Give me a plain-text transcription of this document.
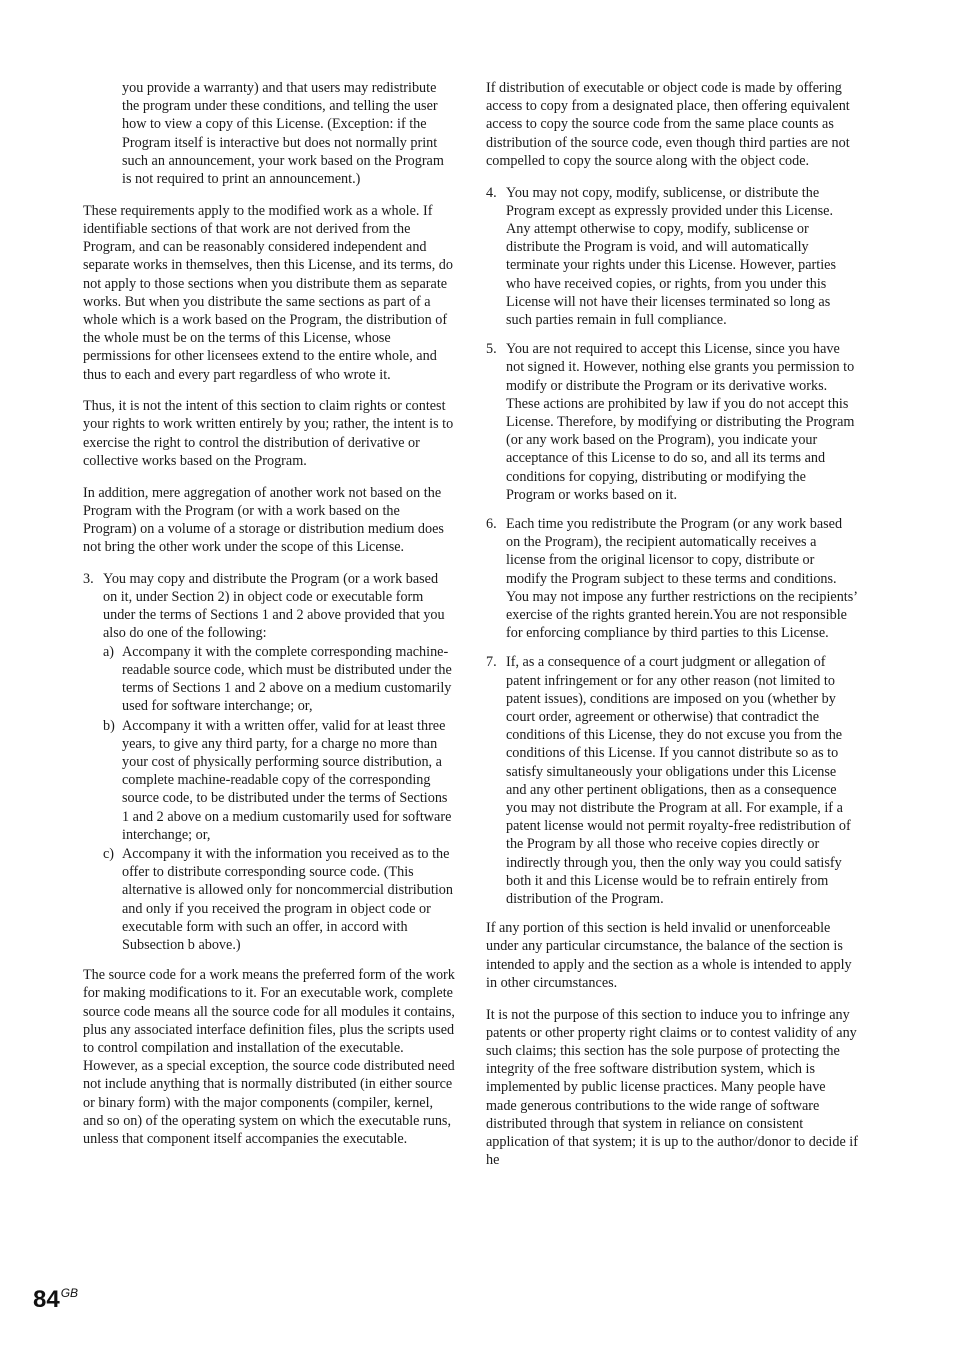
you provide a warranty) and that users may redistribute the program under these conditions, and telling the user how to view a copy of this License. (Exception: if the Program itself is interactive but does not normally print such an announcement, your work based on the Program is not required to print an announcement.)

These requirements apply to the modified work as a whole. If identifiable sections of that work are not derived from the Program, and can be reasonably considered independent and separate works in themselves, then this License, and its terms, do not apply to those sections when you distribute them as separate works. But when you distribute the same sections as part of a whole which is a work based on the Program, the distribution of the whole must be on the terms of this License, whose permissions for other licensees extend to the entire whole, and thus to each and every part regardless of who wrote it.

Thus, it is not the intent of this section to claim rights or contest your rights to work written entirely by you; rather, the intent is to exercise the right to control the distribution of derivative or collective works based on the Program.

In addition, mere aggregation of another work not based on the Program with the Program (or with a work based on the Program) on a volume of a storage or distribution medium does not bring the other work under the scope of this License.

3. You may copy and distribute the Program (or a work based on it, under Section 2) in object code or executable form under the terms of Sections 1 and 2 above provided that you also do one of the following:
a) Accompany it with the complete corresponding machine-readable source code, which must be distributed under the terms of Sections 1 and 2 above on a medium customarily used for software interchange; or,
b) Accompany it with a written offer, valid for at least three years, to give any third party, for a charge no more than your cost of physically performing source distribution, a complete machine-readable copy of the corresponding source code, to be distributed under the terms of Sections 1 and 2 above on a medium customarily used for software interchange; or,
c) Accompany it with the information you received as to the offer to distribute corresponding source code. (This alternative is allowed only for noncommercial distribution and only if you received the program in object code or executable form with such an offer, in accord with Subsection b above.)

The source code for a work means the preferred form of the work for making modifications to it. For an executable work, complete source code means all the source code for all modules it contains, plus any associated interface definition files, plus the scripts used to control compilation and installation of the executable. However, as a special exception, the source code distributed need not include anything that is normally distributed (in either source or binary form) with the major components (compiler, kernel, and so on) of the operating system on which the executable runs, unless that component itself accompanies the executable.

If distribution of executable or object code is made by offering access to copy from a designated place, then offering equivalent access to copy the source code from the same place counts as distribution of the source code, even though third parties are not compelled to copy the source along with the object code.

4. You may not copy, modify, sublicense, or distribute the Program except as expressly provided under this License. Any attempt otherwise to copy, modify, sublicense or distribute the Program is void, and will automatically terminate your rights under this License. However, parties who have received copies, or rights, from you under this License will not have their licenses terminated so long as such parties remain in full compliance.
5. You are not required to accept this License, since you have not signed it. However, nothing else grants you permission to modify or distribute the Program or its derivative works. These actions are prohibited by law if you do not accept this License. Therefore, by modifying or distributing the Program (or any work based on the Program), you indicate your acceptance of this License to do so, and all its terms and conditions for copying, distributing or modifying the Program or works based on it.
6. Each time you redistribute the Program (or any work based on the Program), the recipient automatically receives a license from the original licensor to copy, distribute or modify the Program subject to these terms and conditions. You may not impose any further restrictions on the recipients’ exercise of the rights granted herein.You are not responsible for enforcing compliance by third parties to this License.
7. If, as a consequence of a court judgment or allegation of patent infringement or for any other reason (not limited to patent issues), conditions are imposed on you (whether by court order, agreement or otherwise) that contradict the conditions of this License, they do not excuse you from the conditions of this License. If you cannot distribute so as to satisfy simultaneously your obligations under this License and any other pertinent obligations, then as a consequence you may not distribute the Program at all. For example, if a patent license would not permit royalty-free redistribution of the Program by all those who receive copies directly or indirectly through you, then the only way you could satisfy both it and this License would be to refrain entirely from distribution of the Program.

If any portion of this section is held invalid or unenforceable under any particular circumstance, the balance of the section is intended to apply and the section as a whole is intended to apply in other circumstances.

It is not the purpose of this section to induce you to infringe any patents or other property right claims or to contest validity of any such claims; this section has the sole purpose of protecting the integrity of the free software distribution system, which is implemented by public license practices. Many people have made generous contributions to the wide range of software distributed through that system in reliance on consistent application of that system; it is up to the author/donor to decide if he

$84^{GB}$
